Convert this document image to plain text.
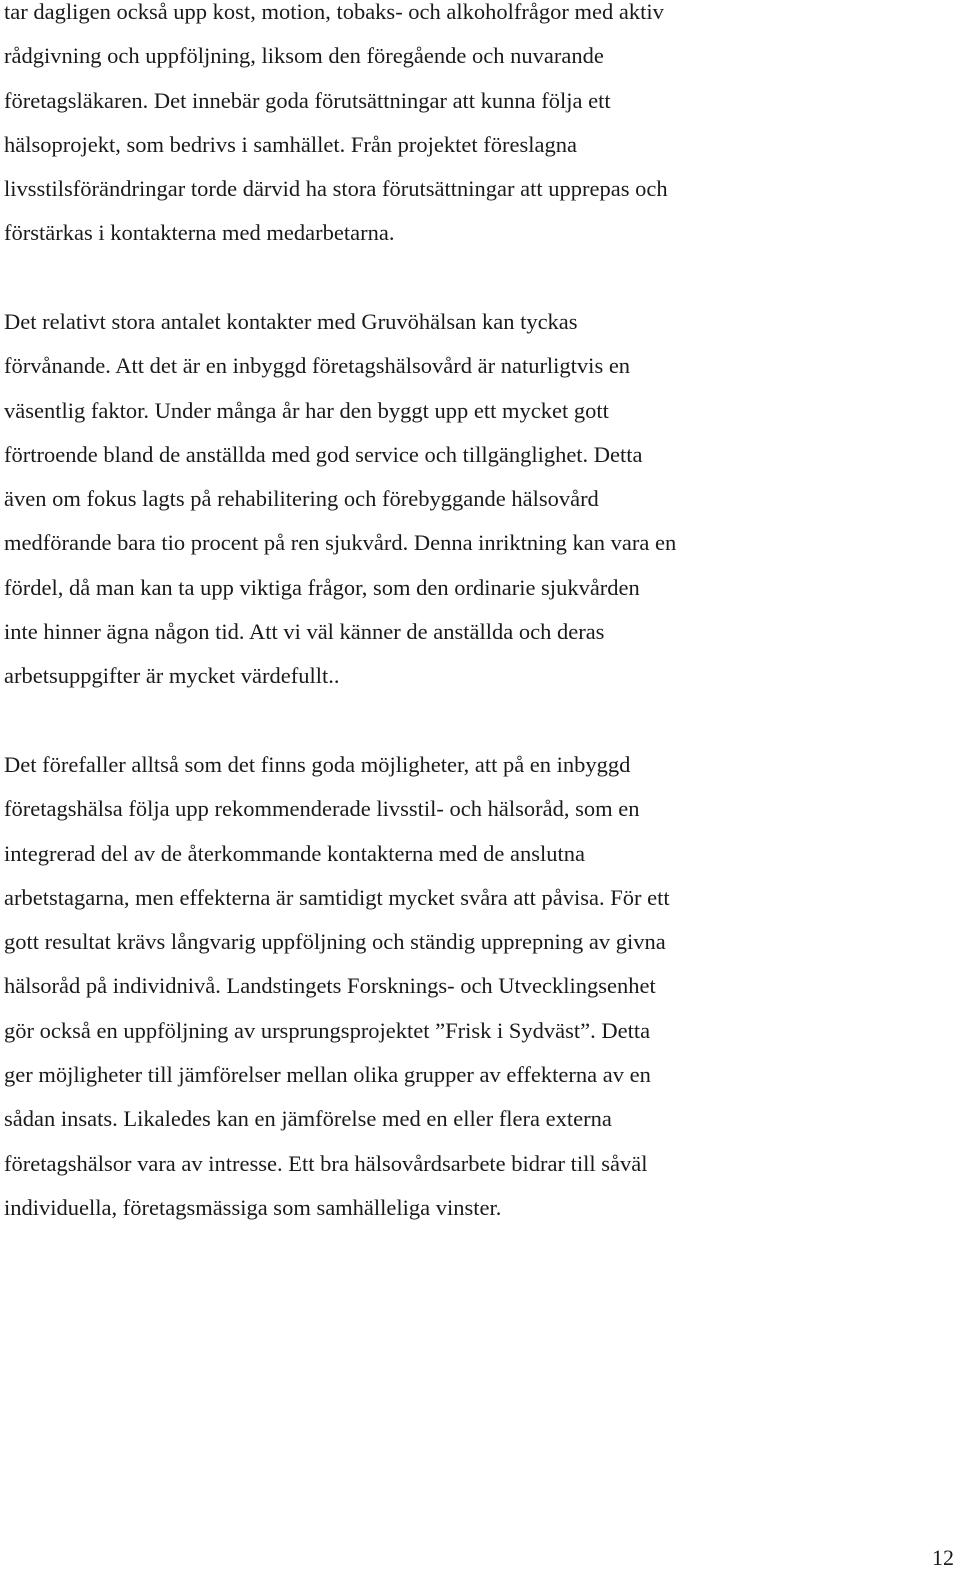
tar dagligen också upp kost, motion, tobaks- och alkoholfrågor med aktiv
rådgivning och uppföljning, liksom den föregående och nuvarande
företagsläkaren. Det innebär goda förutsättningar att kunna följa ett
hälsoprojekt, som bedrivs i samhället. Från projektet föreslagna
livsstilsförändringar torde därvid ha stora förutsättningar att upprepas och
förstärkas i kontakterna med medarbetarna.

Det relativt stora antalet kontakter med Gruvöhälsan kan tyckas
förvånande. Att det är en inbyggd företagshälsovård är naturligtvis en
väsentlig faktor. Under många år har den byggt upp ett mycket gott
förtroende bland de anställda med god service och tillgänglighet. Detta
även om fokus lagts på rehabilitering och förebyggande hälsovård
medförande bara tio procent på ren sjukvård. Denna inriktning kan vara en
fördel, då man kan ta upp viktiga frågor, som den ordinarie sjukvården
inte hinner ägna någon tid. Att vi väl känner de anställda och deras
arbetsuppgifter är mycket värdefullt..

Det förefaller alltså som det finns goda möjligheter, att på en inbyggd
företagshälsa följa upp rekommenderade livsstil- och hälsoråd, som en
integrerad del av de återkommande kontakterna med de anslutna
arbetstagarna, men effekterna är samtidigt mycket svåra att påvisa. För ett
gott resultat krävs långvarig uppföljning och ständig upprepning av givna
hälsoråd på individnivå. Landstingets Forsknings- och Utvecklingsenhet
gör också en uppföljning av ursprungsprojektet ”Frisk i Sydväst”. Detta
ger möjligheter till jämförelser mellan olika grupper av effekterna av en
sådan insats. Likaledes kan en jämförelse med en eller flera externa
företagshälsor vara av intresse. Ett bra hälsovårdsarbete bidrar till såväl
individuella, företagsmässiga som samhälleliga vinster.

12
